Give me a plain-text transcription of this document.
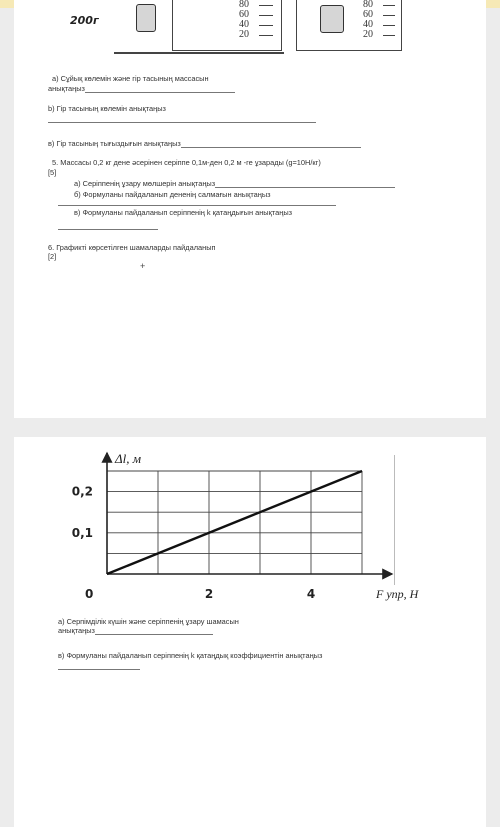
200г
80
60
40
20
80
60
40
20
а) Сұйық көлемін және гір тасының массасын
анықтаңыз
b) Гір тасының көлемін анықтаңыз
в) Гір тасының тығыздығын анықтаңыз
5. Массасы 0,2 кг дене әсерінен серіппе 0,1м-ден 0,2 м -ге ұзарады (g=10Н/кг)
[5]
а) Серіппенің ұзару мөлшерін анықтаңыз
б) Формуланы пайдаланып дененің салмағын анықтаңыз
в) Формуланы пайдаланып серіппенің k қатаңдығын анықтаңыз
6. Графикті көрсетілген шамаларды пайдаланып
[2]
+
Δl, м
F упр, Н
0	2	4
0,2
0,1
а) Серпімділік күшін және серіппенің ұзару шамасын
анықтаңыз
в) Формуланы пайдаланып серіппенің k қатаңдық коэффициентін анықтаңыз
